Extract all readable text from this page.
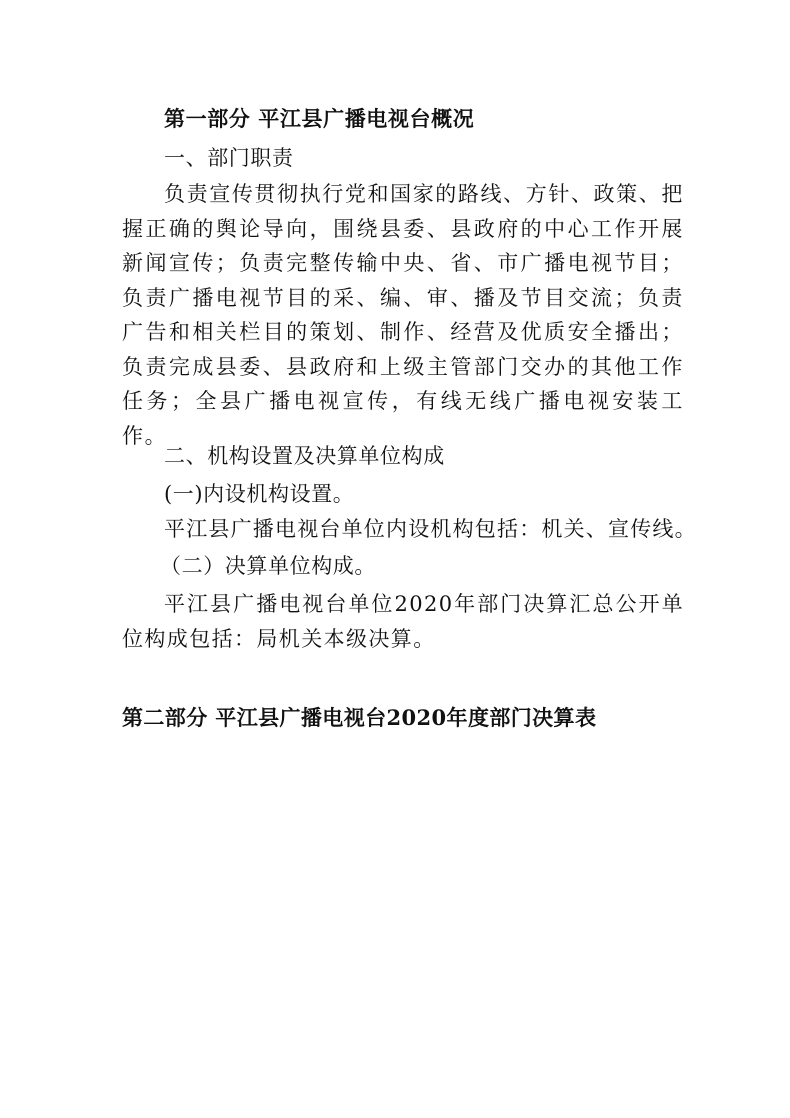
第一部分 平江县广播电视台概况
一、部门职责
负责宣传贯彻执行党和国家的路线、方针、政策、把握正确的舆论导向，围绕县委、县政府的中心工作开展新闻宣传；负责完整传输中央、省、市广播电视节目；负责广播电视节目的采、编、审、播及节目交流；负责广告和相关栏目的策划、制作、经营及优质安全播出；负责完成县委、县政府和上级主管部门交办的其他工作任务；全县广播电视宣传，有线无线广播电视安装工作。
二、机构设置及决算单位构成
(一)内设机构设置。
平江县广播电视台单位内设机构包括：机关、宣传线。
（二）决算单位构成。
平江县广播电视台单位2020年部门决算汇总公开单位构成包括：局机关本级决算。
第二部分 平江县广播电视台2020年度部门决算表
